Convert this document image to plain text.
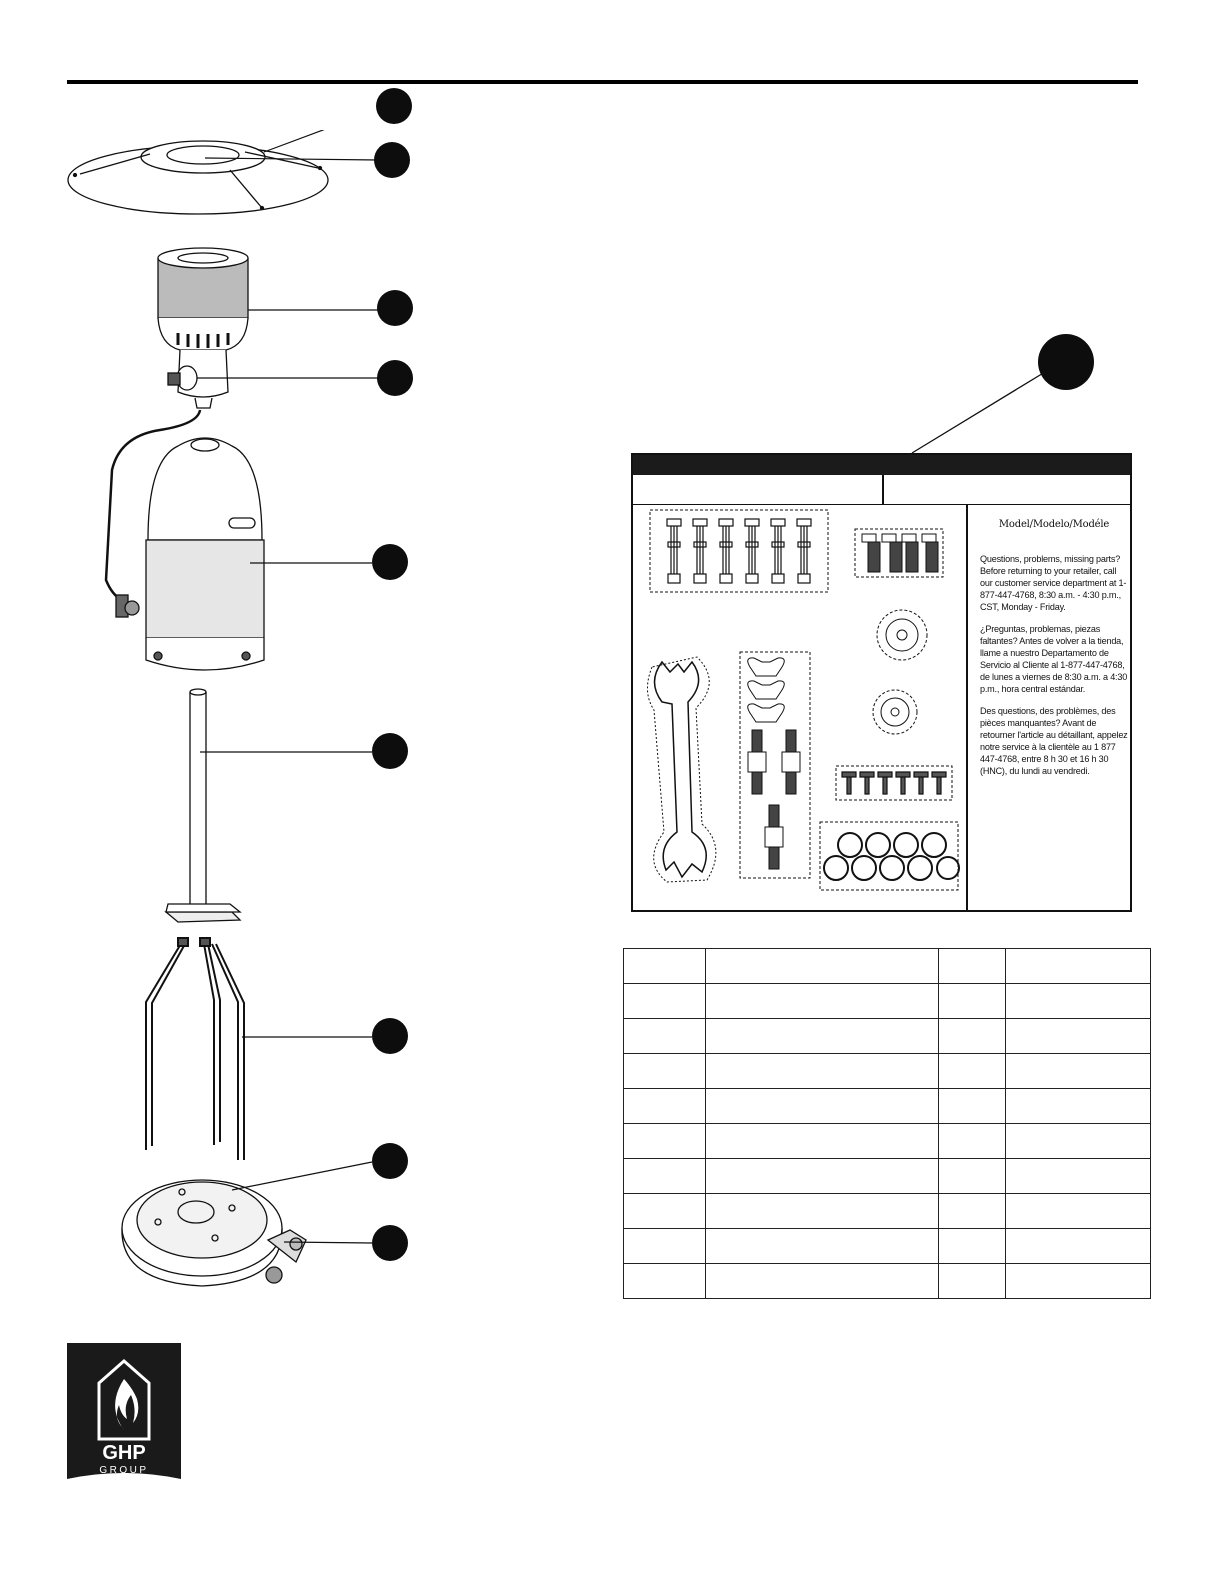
Model/Modelo/Modéle

Questions, problems, missing parts? Before returning to your retailer, call our customer service department at 1-877-447-4768, 8:30 a.m. - 4:30 p.m., CST, Monday - Friday.

¿Preguntas, problemas, piezas faltantes? Antes de volver a la tienda, llame a nuestro Departamento de Servicio al Cliente al 1-877-447-4768, de lunes a viernes de 8:30 a.m. a 4:30 p.m., hora central estándar.

Des questions, des problèmes, des pièces manquantes? Avant de retourner l'article au détaillant, appelez notre service à la clientèle au 1 877 447-4768, entre 8 h 30 et 16 h 30 (HNC), du lundi au vendredi.

GHP
GROUP
